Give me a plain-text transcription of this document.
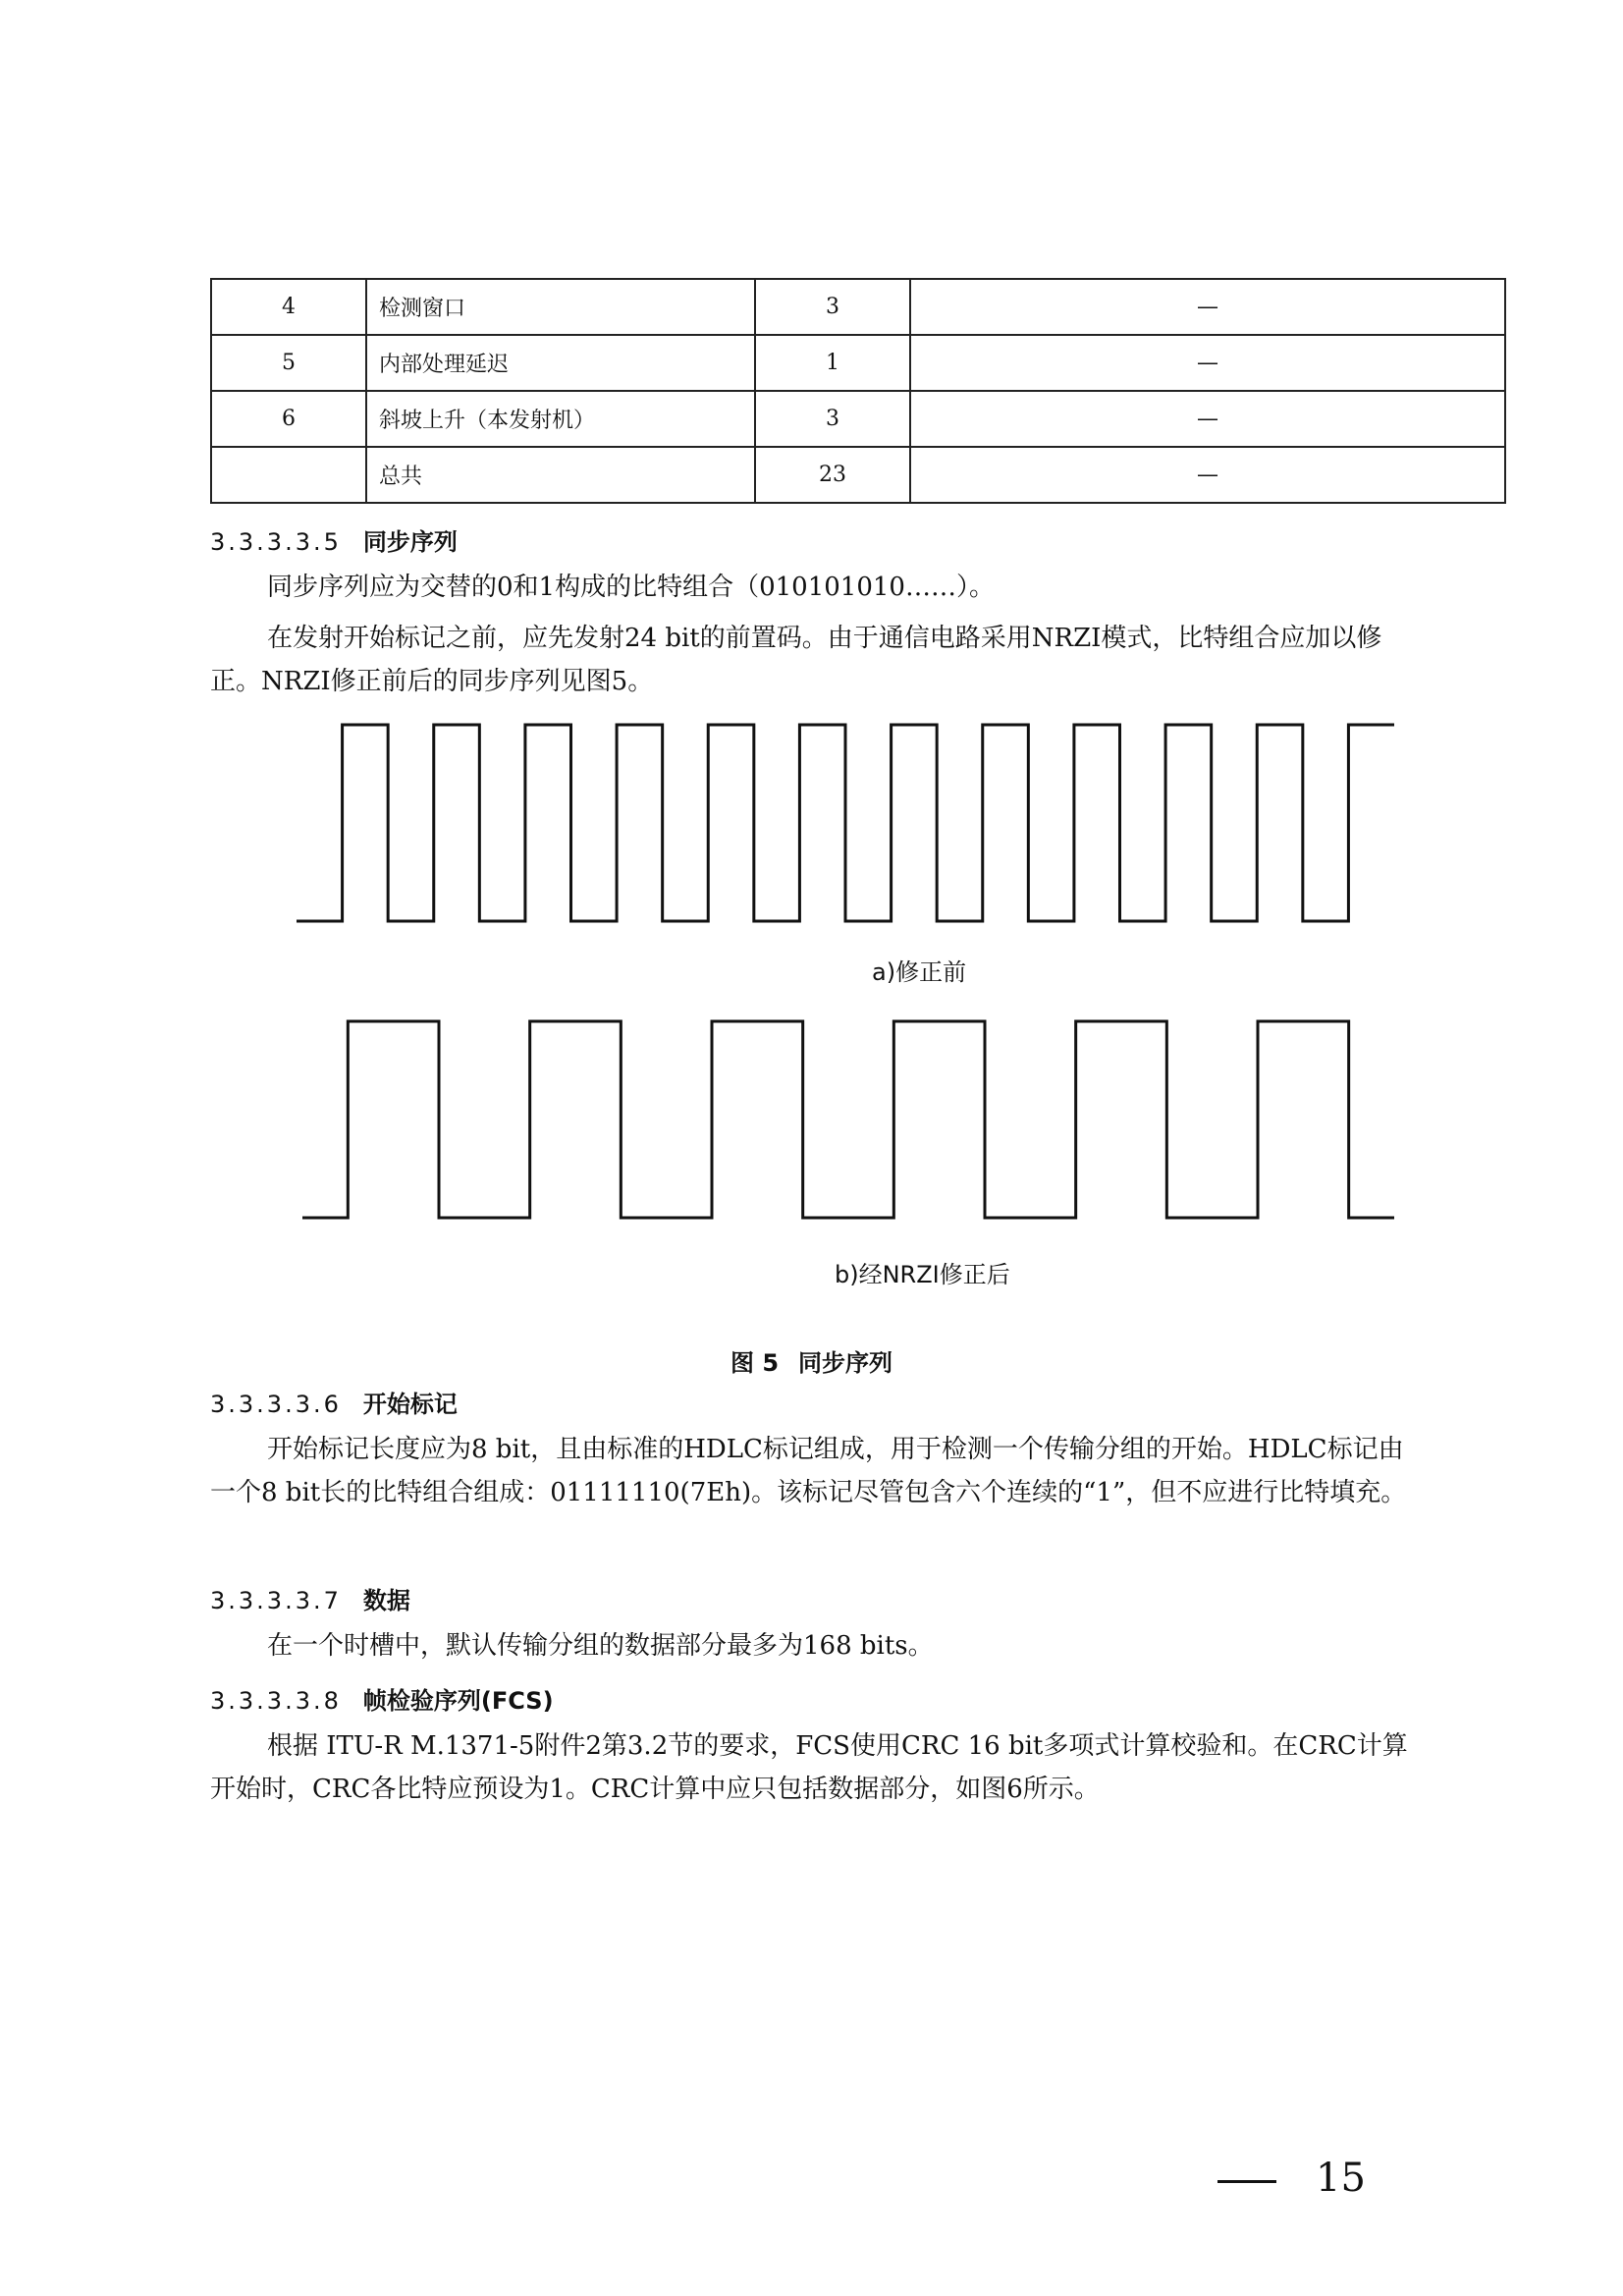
4	检测窗口	3	—
5	内部处理延迟	1	—
6	斜坡上升（本发射机）	3	—
	总共	23	—
3.3.3.3.5 同步序列

同步序列应为交替的0和1构成的比特组合（010101010……）。

在发射开始标记之前，应先发射24 bit的前置码。由于通信电路采用NRZI模式，比特组合应加以修正。NRZI修正前后的同步序列见图5。

a)修正前
b)经NRZI修正后
图 5 同步序列
3.3.3.3.6 开始标记

开始标记长度应为8 bit，且由标准的HDLC标记组成，用于检测一个传输分组的开始。HDLC标记由一个8 bit长的比特组合组成：01111110(7Eh)。该标记尽管包含六个连续的“1”，但不应进行比特填充。

3.3.3.3.7 数据

在一个时槽中，默认传输分组的数据部分最多为168 bits。

3.3.3.3.8 帧检验序列(FCS)

根据 ITU-R M.1371-5附件2第3.2节的要求，FCS使用CRC 16 bit多项式计算校验和。在CRC计算开始时，CRC各比特应预设为1。CRC计算中应只包括数据部分，如图6所示。

15
